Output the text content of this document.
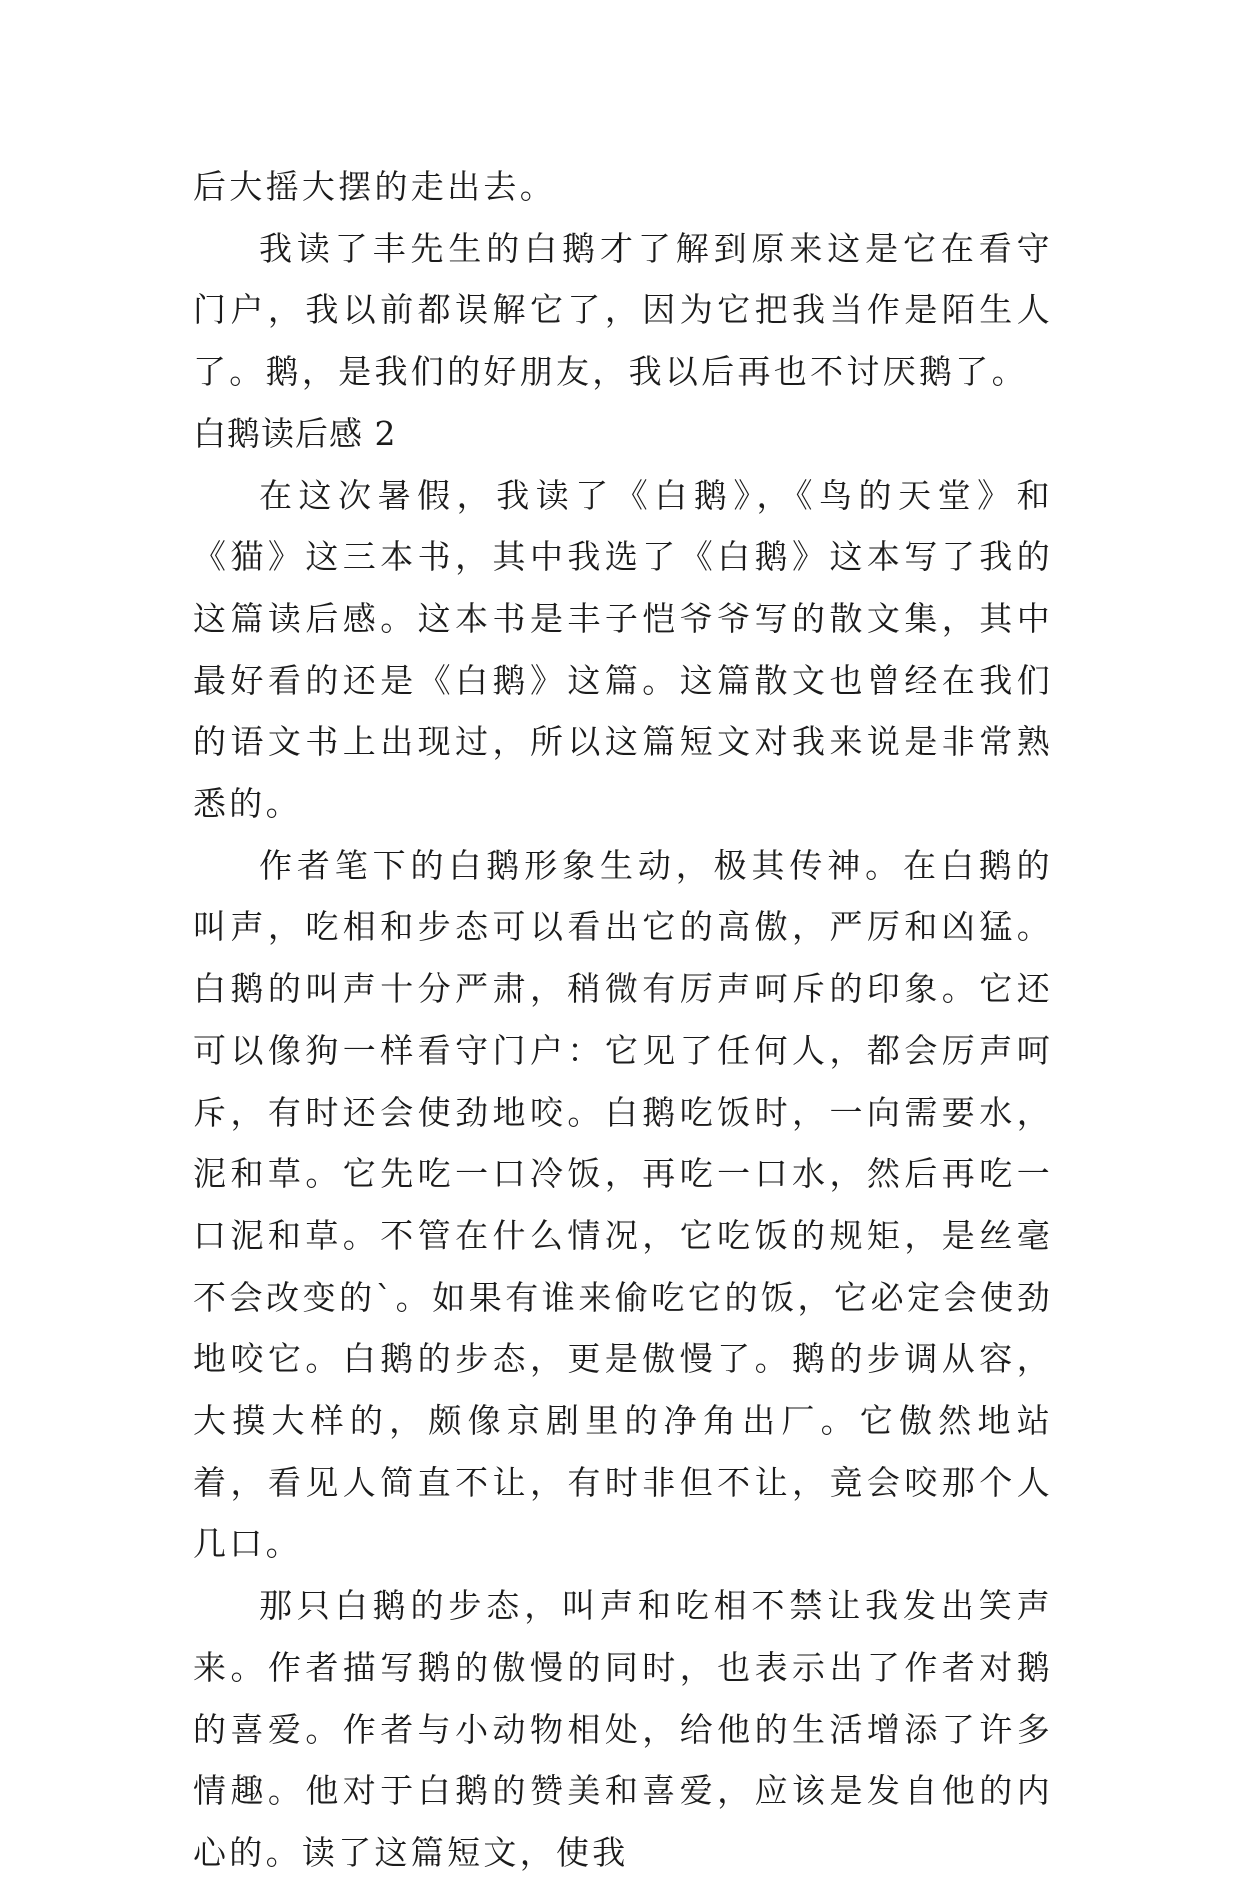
后大摇大摆的走出去。

我读了丰先生的白鹅才了解到原来这是它在看守门户，我以前都误解它了，因为它把我当作是陌生人了。鹅，是我们的好朋友，我以后再也不讨厌鹅了。

白鹅读后感 2

在这次暑假，我读了《白鹅》，《鸟的天堂》和《猫》这三本书，其中我选了《白鹅》这本写了我的这篇读后感。这本书是丰子恺爷爷写的散文集，其中最好看的还是《白鹅》这篇。这篇散文也曾经在我们的语文书上出现过，所以这篇短文对我来说是非常熟悉的。

作者笔下的白鹅形象生动，极其传神。在白鹅的叫声，吃相和步态可以看出它的高傲，严厉和凶猛。白鹅的叫声十分严肃，稍微有厉声呵斥的印象。它还可以像狗一样看守门户：它见了任何人，都会厉声呵斥，有时还会使劲地咬。白鹅吃饭时，一向需要水，泥和草。它先吃一口冷饭，再吃一口水，然后再吃一口泥和草。不管在什么情况，它吃饭的规矩，是丝毫不会改变的`。如果有谁来偷吃它的饭，它必定会使劲地咬它。白鹅的步态，更是傲慢了。鹅的步调从容，大摸大样的，颇像京剧里的净角出厂。它傲然地站着，看见人简直不让，有时非但不让，竟会咬那个人几口。

那只白鹅的步态，叫声和吃相不禁让我发出笑声来。作者描写鹅的傲慢的同时，也表示出了作者对鹅的喜爱。作者与小动物相处，给他的生活增添了许多情趣。他对于白鹅的赞美和喜爱，应该是发自他的内心的。读了这篇短文，使我
